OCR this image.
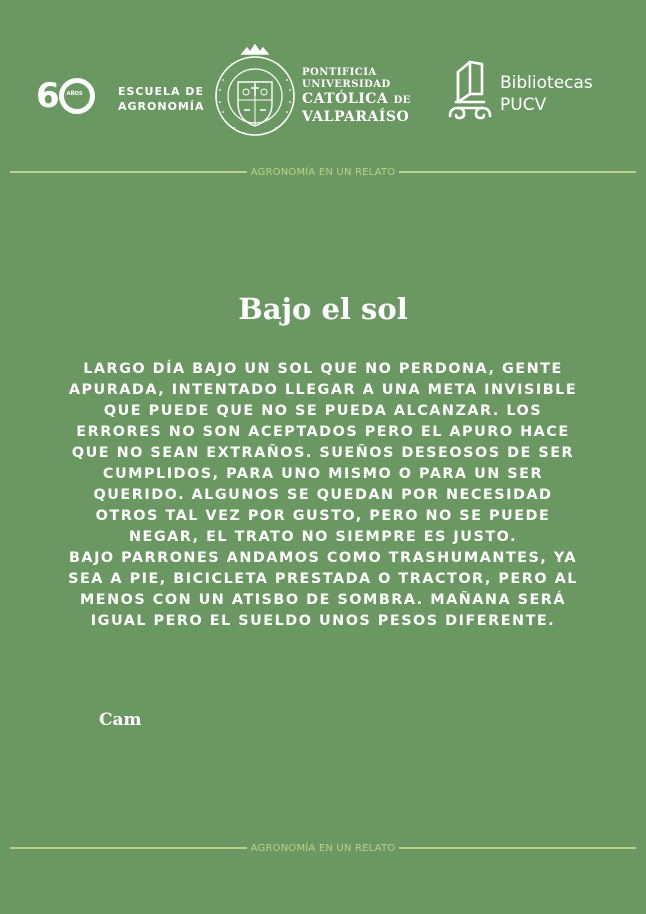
6 AÑOS	ESCUELA DE
AGRONOMÍA
PONTIFICIA
UNIVERSIDAD
CATÓLICA DE
VALPARAÍSO
Bibliotecas
PUCV
AGRONOMÍA EN UN RELATO
Bajo el sol

LARGO DÍA BAJO UN SOL QUE NO PERDONA, GENTE APURADA, INTENTADO LLEGAR A UNA META INVISIBLE QUE PUEDE QUE NO SE PUEDA ALCANZAR. LOS ERRORES NO SON ACEPTADOS PERO EL APURO HACE QUE NO SEAN EXTRAÑOS. SUEÑOS DESEOSOS DE SER CUMPLIDOS, PARA UNO MISMO O PARA UN SER QUERIDO. ALGUNOS SE QUEDAN POR NECESIDAD OTROS TAL VEZ POR GUSTO, PERO NO SE PUEDE NEGAR, EL TRATO NO SIEMPRE ES JUSTO.

BAJO PARRONES ANDAMOS COMO TRASHUMANTES, YA SEA A PIE, BICICLETA PRESTADA O TRACTOR, PERO AL MENOS CON UN ATISBO DE SOMBRA. MAÑANA SERÁ IGUAL PERO EL SUELDO UNOS PESOS DIFERENTE.

Cam
AGRONOMÍA EN UN RELATO
